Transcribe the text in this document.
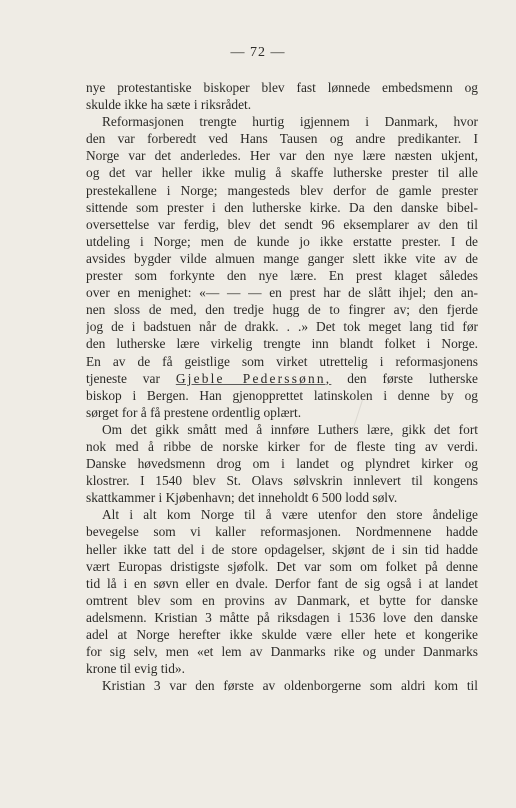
— 72 —
nye protestantiske biskoper blev fast lønnede embedsmenn og
skulde ikke ha sæte i riksrådet.
Reformasjonen trengte hurtig igjennem i Danmark, hvor
den var forberedt ved Hans Tausen og andre predikanter. I
Norge var det anderledes. Her var den nye lære næsten ukjent,
og det var heller ikke mulig å skaffe lutherske prester til alle
prestekallene i Norge; mangesteds blev derfor de gamle prester
sittende som prester i den lutherske kirke. Da den danske bibel-
oversettelse var ferdig, blev det sendt 96 eksemplarer av den til
utdeling i Norge; men de kunde jo ikke erstatte prester. I de
avsides bygder vilde almuen mange ganger slett ikke vite av de
prester som forkynte den nye lære. En prest klaget således
over en menighet: «— — — en prest har de slått ihjel; den an-
nen sloss de med, den tredje hugg de to fingrer av; den fjerde
jog de i badstuen når de drakk. . .» Det tok meget lang tid før
den lutherske lære virkelig trengte inn blandt folket i Norge.
En av de få geistlige som virket utrettelig i reformasjonens
tjeneste var Gjeble Pederssønn, den første lutherske
biskop i Bergen. Han gjenopprettet latinskolen i denne by og
sørget for å få prestene ordentlig oplært.
Om det gikk smått med å innføre Luthers lære, gikk det fort
nok med å ribbe de norske kirker for de fleste ting av verdi.
Danske høvedsmenn drog om i landet og plyndret kirker og
klostrer. I 1540 blev St. Olavs sølvskrin innlevert til kongens
skattkammer i Kjøbenhavn; det inneholdt 6 500 lodd sølv.
Alt i alt kom Norge til å være utenfor den store åndelige
bevegelse som vi kaller reformasjonen. Nordmennene hadde
heller ikke tatt del i de store opdagelser, skjønt de i sin tid hadde
vært Europas dristigste sjøfolk. Det var som om folket på denne
tid lå i en søvn eller en dvale. Derfor fant de sig også i at landet
omtrent blev som en provins av Danmark, et bytte for danske
adelsmenn. Kristian 3 måtte på riksdagen i 1536 love den danske
adel at Norge herefter ikke skulde være eller hete et kongerike
for sig selv, men «et lem av Danmarks rike og under Danmarks
krone til evig tid».
Kristian 3 var den første av oldenborgerne som aldri kom til
